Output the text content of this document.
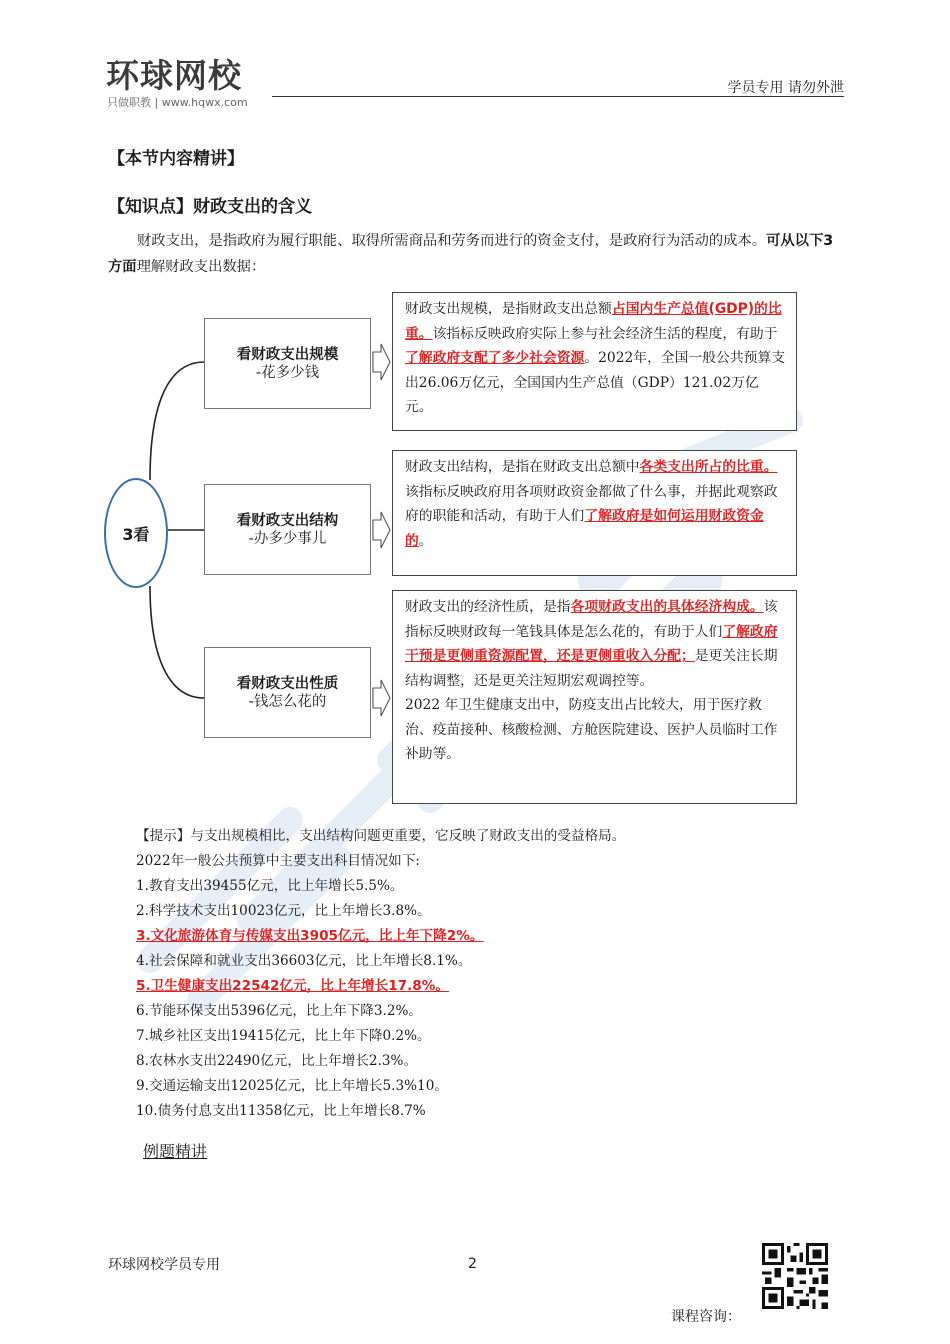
环球网校
只做职教 | www.hqwx.com
学员专用 请勿外泄
【本节内容精讲】
【知识点】财政支出的含义
财政支出，是指政府为履行职能、取得所需商品和劳务而进行的资金支付，是政府行为活动的成本。可从以下3方面理解财政支出数据：
3看
看财政支出规模
-花多少钱
看财政支出结构
-办多少事儿
看财政支出性质
-钱怎么花的
财政支出规模，是指财政支出总额占国内生产总值(GDP)的比重。该指标反映政府实际上参与社会经济生活的程度，有助于了解政府支配了多少社会资源。2022年，全国一般公共预算支出26.06万亿元，全国国内生产总值（GDP）121.02万亿元。
财政支出结构，是指在财政支出总额中各类支出所占的比重。该指标反映政府用各项财政资金都做了什么事，并据此观察政府的职能和活动，有助于人们了解政府是如何运用财政资金的。
财政支出的经济性质，是指各项财政支出的具体经济构成。该指标反映财政每一笔钱具体是怎么花的，有助于人们了解政府干预是更侧重资源配置，还是更侧重收入分配；是更关注长期结构调整，还是更关注短期宏观调控等。
2022 年卫生健康支出中，防疫支出占比较大，用于医疗救治、疫苗接种、核酸检测、方舱医院建设、医护人员临时工作补助等。
【提示】与支出规模相比，支出结构问题更重要，它反映了财政支出的受益格局。
2022年一般公共预算中主要支出科目情况如下:
1.教育支出39455亿元，比上年增长5.5%。
2.科学技术支出10023亿元，比上年增长3.8%。
3.文化旅游体育与传媒支出3905亿元，比上年下降2%。
4.社会保障和就业支出36603亿元，比上年增长8.1%。
5.卫生健康支出22542亿元，比上年增长17.8%。
6.节能环保支出5396亿元，比上年下降3.2%。
7.城乡社区支出19415亿元，比上年下降0.2%。
8.农林水支出22490亿元，比上年增长2.3%。
9.交通运输支出12025亿元，比上年增长5.3%10。
10.债务付息支出11358亿元，比上年增长8.7%
例题精讲
环球网校学员专用	2
课程咨询：
